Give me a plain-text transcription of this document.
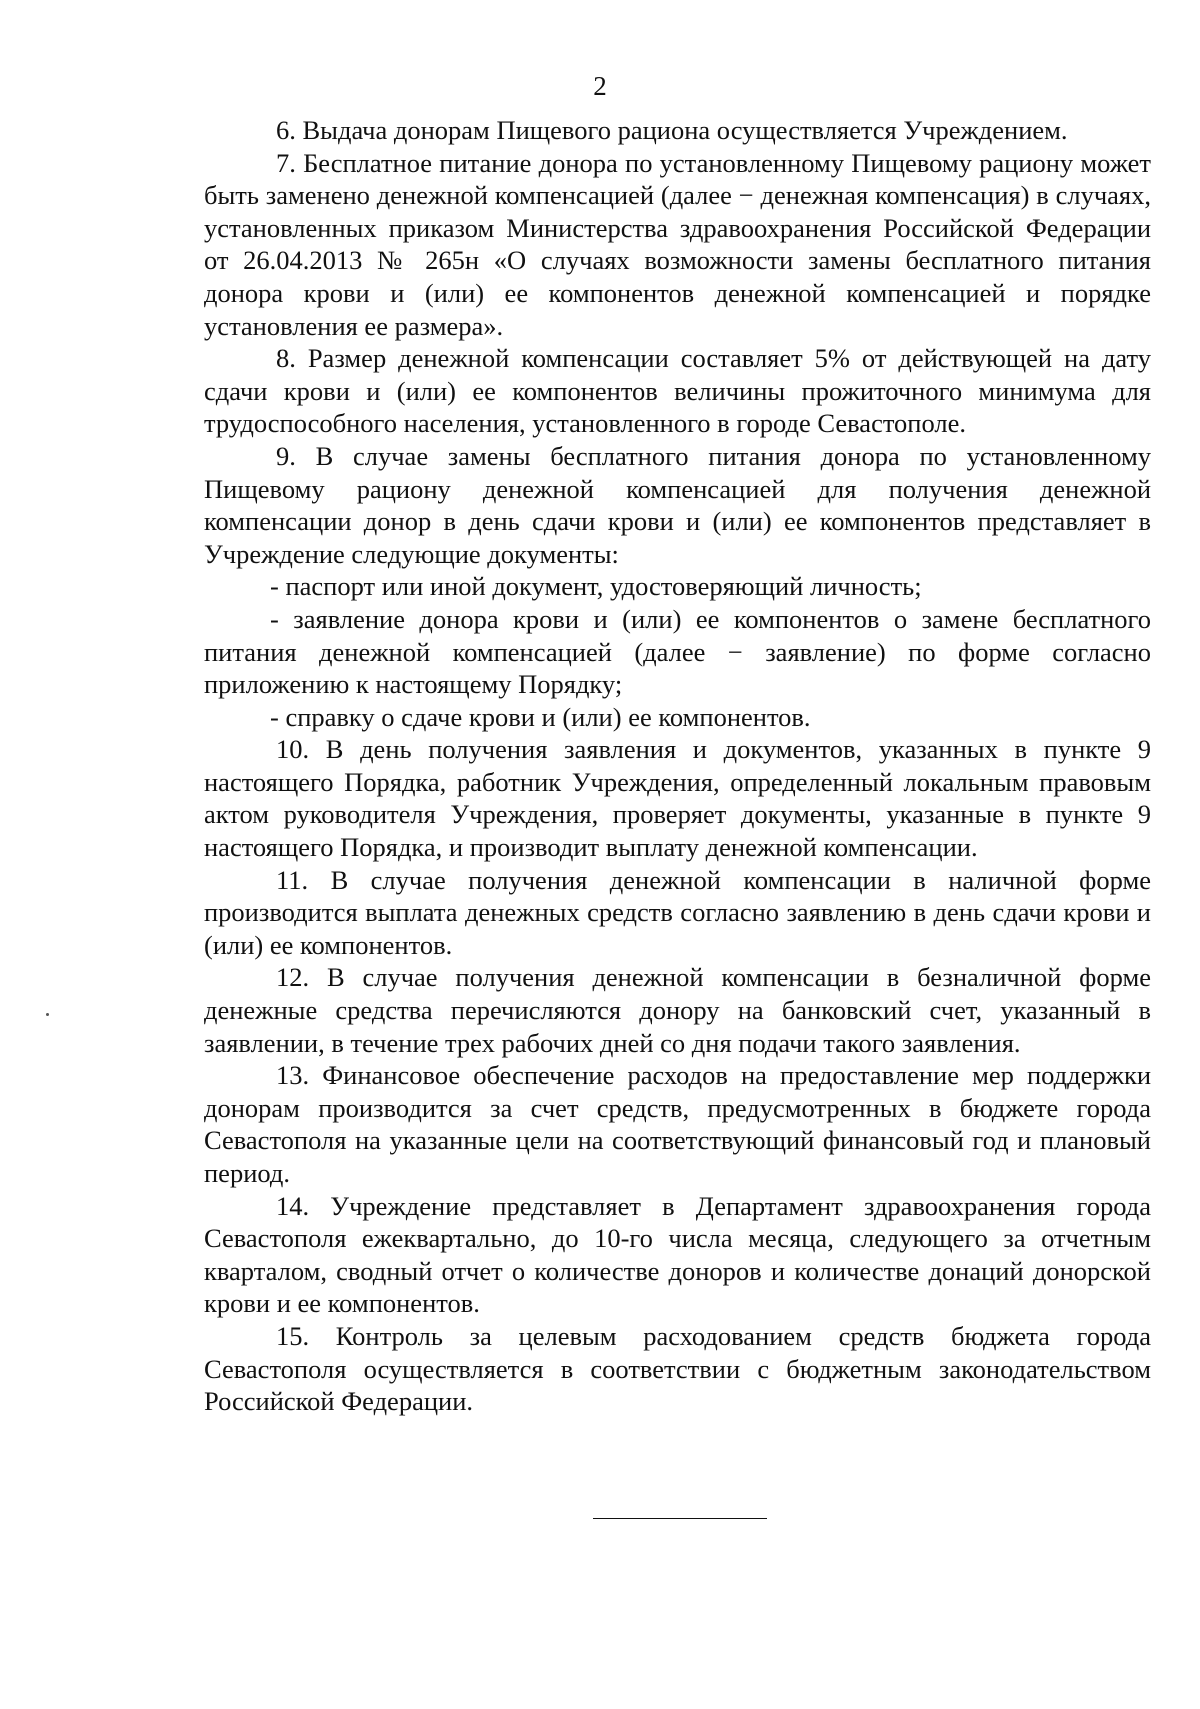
2

6. Выдача донорам Пищевого рациона осуществляется Учреждением.

7. Бесплатное питание донора по установленному Пищевому рациону может быть заменено денежной компенсацией (далее − денежная компенсация) в случаях, установленных приказом Министерства здравоохранения Российской Федерации от 26.04.2013 № 265н «О случаях возможности замены бесплатного питания донора крови и (или) ее компонентов денежной компенсацией и порядке установления ее размера».

8. Размер денежной компенсации составляет 5% от действующей на дату сдачи крови и (или) ее компонентов величины прожиточного минимума для трудоспособного населения, установленного в городе Севастополе.

9. В случае замены бесплатного питания донора по установленному Пищевому рациону денежной компенсацией для получения денежной компенсации донор в день сдачи крови и (или) ее компонентов представляет в Учреждение следующие документы:

- паспорт или иной документ, удостоверяющий личность;

- заявление донора крови и (или) ее компонентов о замене бесплатного питания денежной компенсацией (далее − заявление) по форме согласно приложению к настоящему Порядку;

- справку о сдаче крови и (или) ее компонентов.

10. В день получения заявления и документов, указанных в пункте 9 настоящего Порядка, работник Учреждения, определенный локальным правовым актом руководителя Учреждения, проверяет документы, указанные в пункте 9 настоящего Порядка, и производит выплату денежной компенсации.

11. В случае получения денежной компенсации в наличной форме производится выплата денежных средств согласно заявлению в день сдачи крови и (или) ее компонентов.

12. В случае получения денежной компенсации в безналичной форме денежные средства перечисляются донору на банковский счет, указанный в заявлении, в течение трех рабочих дней со дня подачи такого заявления.

13. Финансовое обеспечение расходов на предоставление мер поддержки донорам производится за счет средств, предусмотренных в бюджете города Севастополя на указанные цели на соответствующий финансовый год и плановый период.

14. Учреждение представляет в Департамент здравоохранения города Севастополя ежеквартально, до 10-го числа месяца, следующего за отчетным кварталом, сводный отчет о количестве доноров и количестве донаций донорской крови и ее компонентов.

15. Контроль за целевым расходованием средств бюджета города Севастополя осуществляется в соответствии с бюджетным законодательством Российской Федерации.
